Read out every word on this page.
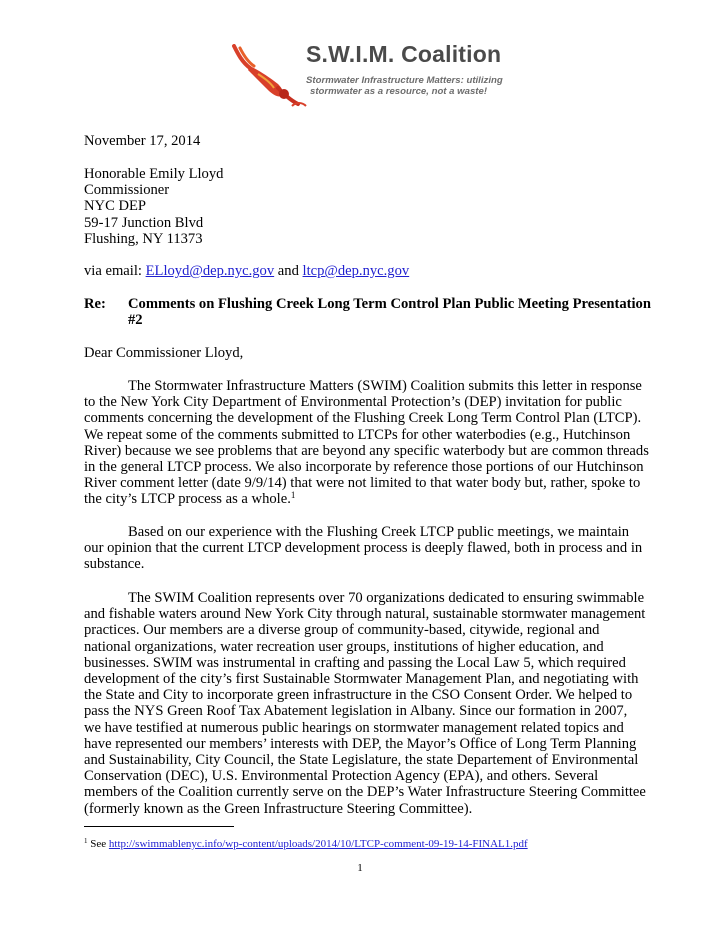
S.W.I.M. Coalition
Stormwater Infrastructure Matters: utilizing
stormwater as a resource, not a waste!
November 17, 2014
Honorable Emily Lloyd
Commissioner
NYC DEP
59-17 Junction Blvd
Flushing, NY 11373
via email: ELloyd@dep.nyc.gov and ltcp@dep.nyc.gov
Re: Comments on Flushing Creek Long Term Control Plan Public Meeting Presentation
#2
Dear Commissioner Lloyd,
The Stormwater Infrastructure Matters (SWIM) Coalition submits this letter in response
to the New York City Department of Environmental Protection’s (DEP) invitation for public
comments concerning the development of the Flushing Creek Long Term Control Plan (LTCP).
We repeat some of the comments submitted to LTCPs for other waterbodies (e.g., Hutchinson
River) because we see problems that are beyond any specific waterbody but are common threads
in the general LTCP process. We also incorporate by reference those portions of our Hutchinson
River comment letter (date 9/9/14) that were not limited to that water body but, rather, spoke to
the city’s LTCP process as a whole.$^1$
Based on our experience with the Flushing Creek LTCP public meetings, we maintain
our opinion that the current LTCP development process is deeply flawed, both in process and in
substance.
The SWIM Coalition represents over 70 organizations dedicated to ensuring swimmable
and fishable waters around New York City through natural, sustainable stormwater management
practices. Our members are a diverse group of community-based, citywide, regional and
national organizations, water recreation user groups, institutions of higher education, and
businesses. SWIM was instrumental in crafting and passing the Local Law 5, which required
development of the city’s first Sustainable Stormwater Management Plan, and negotiating with
the State and City to incorporate green infrastructure in the CSO Consent Order. We helped to
pass the NYS Green Roof Tax Abatement legislation in Albany. Since our formation in 2007,
we have testified at numerous public hearings on stormwater management related topics and
have represented our members’ interests with DEP, the Mayor’s Office of Long Term Planning
and Sustainability, City Council, the State Legislature, the state Departement of Environmental
Conservation (DEC), U.S. Environmental Protection Agency (EPA), and others. Several
members of the Coalition currently serve on the DEP’s Water Infrastructure Steering Committee
(formerly known as the Green Infrastructure Steering Committee).
$^1$ See http://swimmablenyc.info/wp-content/uploads/2014/10/LTCP-comment-09-19-14-FINAL1.pdf
1
